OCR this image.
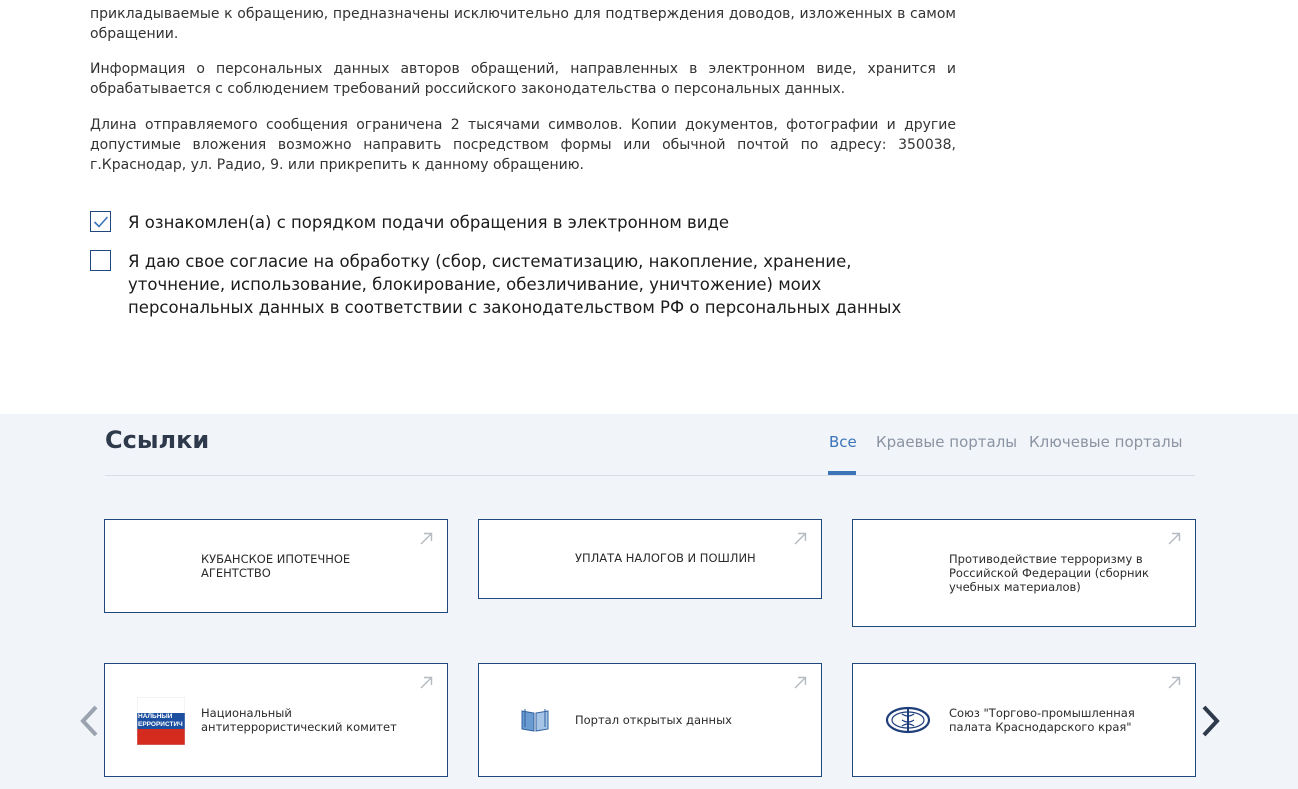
прикладываемые к обращению, предназначены исключительно для подтверждения доводов, изложенных в самом обращении.

Информация о персональных данных авторов обращений, направленных в электронном виде, хранится и обрабатывается с соблюдением требований российского законодательства о персональных данных.

Длина отправляемого сообщения ограничена 2 тысячами символов. Копии документов, фотографии и другие допустимые вложения возможно направить посредством формы или обычной почтой по адресу: 350038, г.Краснодар, ул. Радио, 9. или прикрепить к данному обращению.

Я ознакомлен(а) с порядком подачи обращения в электронном виде
Я даю свое согласие на обработку (сбор, систематизацию, накопление, хранение, уточнение, использование, блокирование, обезличивание, уничтожение) моих персональных данных в соответствии с законодательством РФ о персональных данных
Ссылки	Все Краевые порталы Ключевые порталы
КУБАНСКОЕ ИПОТЕЧНОЕ АГЕНТСТВО
УПЛАТА НАЛОГОВ И ПОШЛИН	Противодействие терроризму в Российской Федерации (сборник учебных материалов)
НАЛЬНЫЙ
ЕРРОРИСТИЧ
Национальный антитеррористический комитет	Портал открытых данных	Союз "Торгово-промышленная палата Краснодарского края"
